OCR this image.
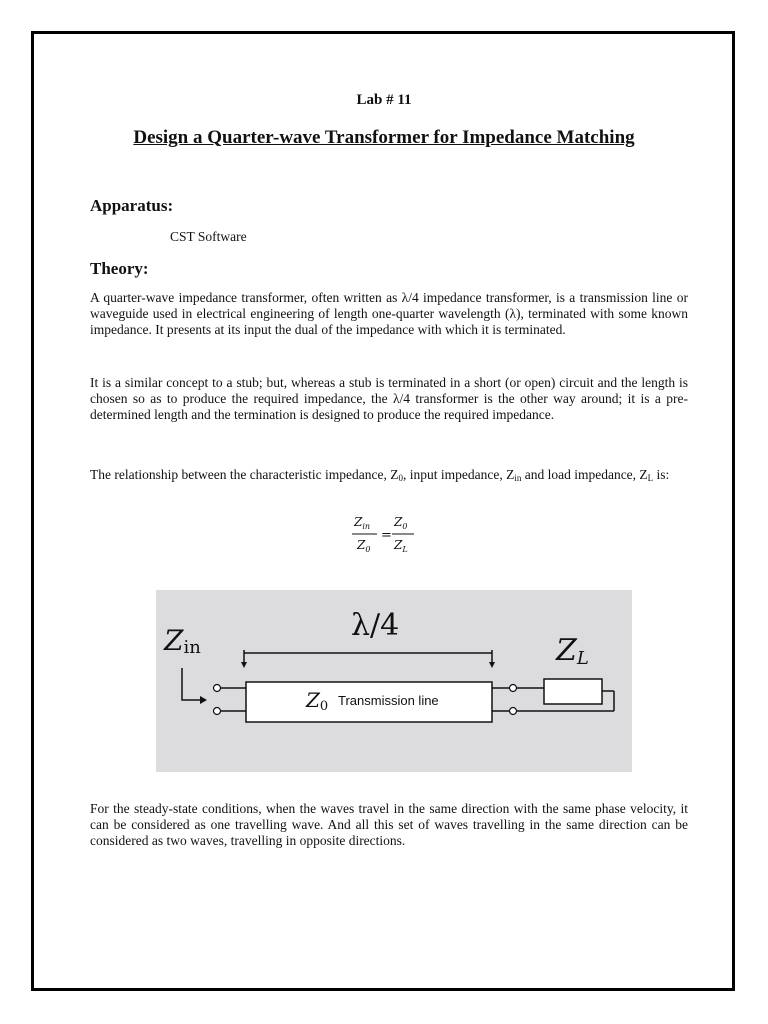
Lab # 11
Design a Quarter-wave Transformer for Impedance Matching
Apparatus:
CST Software
Theory:

A quarter-wave impedance transformer, often written as λ/4 impedance transformer, is a transmission line or waveguide used in electrical engineering of length one-quarter wavelength (λ), terminated with some known impedance. It presents at its input the dual of the impedance with which it is terminated.

It is a similar concept to a stub; but, whereas a stub is terminated in a short (or open) circuit and the length is chosen so as to produce the required impedance, the λ/4 transformer is the other way around; it is a pre-determined length and the termination is designed to produce the required impedance.

The relationship between the characteristic impedance, $Z_0$, input impedance, $Z_{in}$ and load impedance, $Z_L$ is:

$Z_{in}$
$Z_0$
$Z_0$
$Z_L$
=
Zin
λ/4
Z0 Transmission line
ZL

For the steady-state conditions, when the waves travel in the same direction with the same phase velocity, it can be considered as one travelling wave. And all this set of waves travelling in the same direction can be considered as two waves, travelling in opposite directions.
